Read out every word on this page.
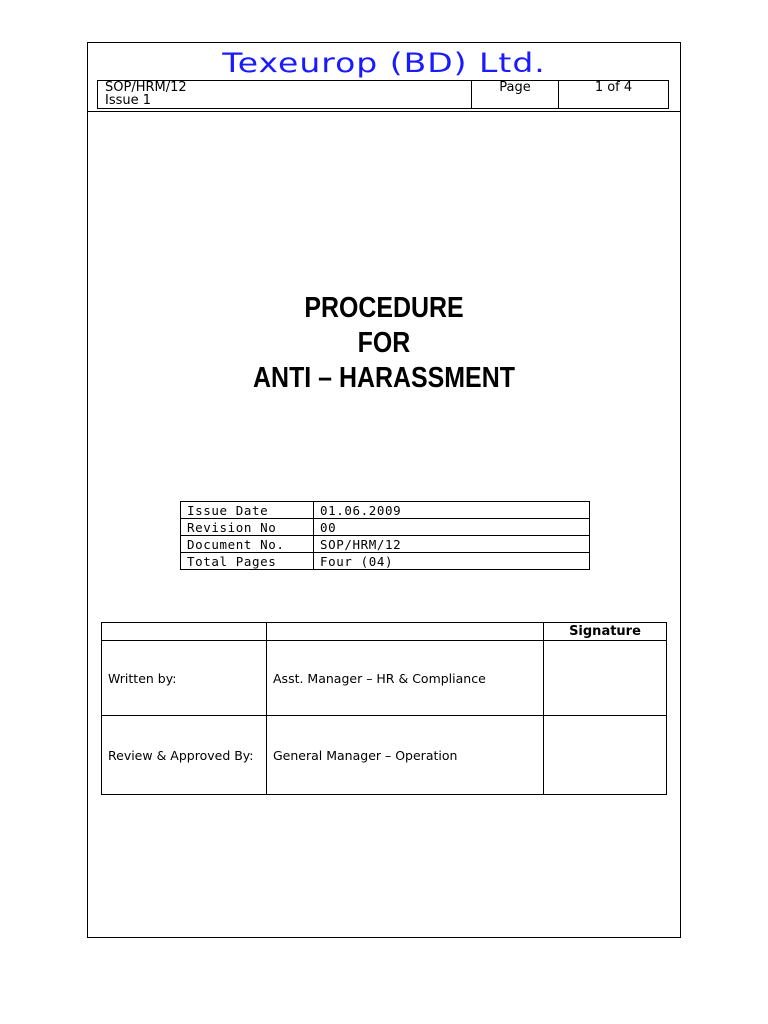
Texeurop (BD) Ltd.
SOP/HRM/12
Issue 1
	Page	1 of 4
PROCEDURE
FOR
ANTI – HARASSMENT
Issue Date	01.06.2009
Revision No	00
Document No.	SOP/HRM/12
Total Pages	Four (04)
		Signature
Written by:	Asst. Manager – HR & Compliance	
Review & Approved By:	General Manager – Operation	
